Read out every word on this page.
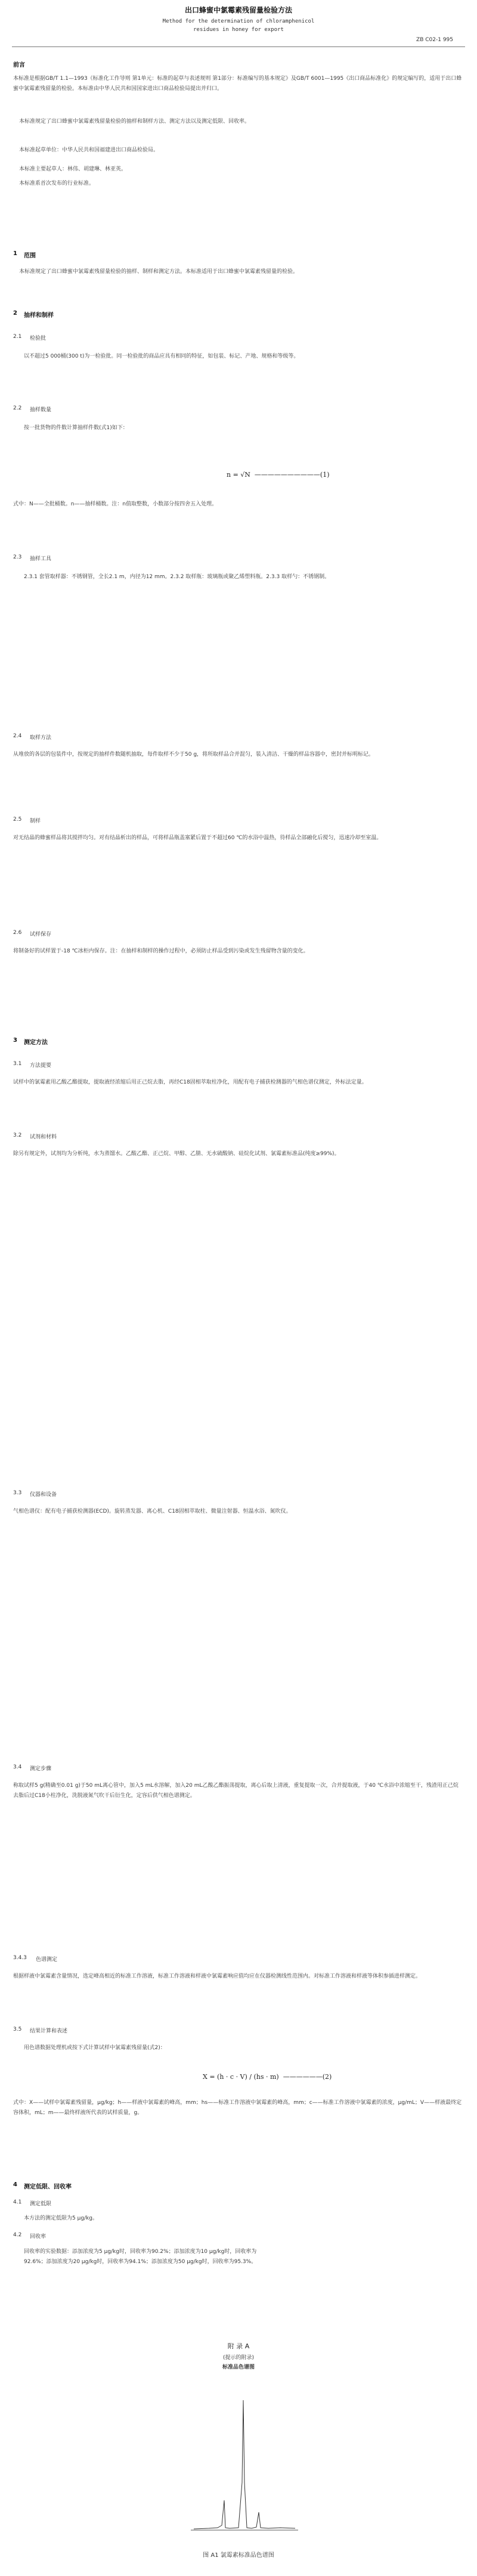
出口蜂蜜中氯霉素残留量检验方法
Method for the determination of chloramphenicol
residues in honey for export
ZB C02-1 995
前言
本标准是根据GB/T 1.1—1993《标准化工作导则 第1单元：标准的起草与表述规则 第1部分：标准编写的基本规定》及GB/T 6001—1995《出口商品标准化》的规定编写的，适用于出口蜂蜜中氯霉素残留量的检验。本标准由中华人民共和国国家进出口商品检验局提出并归口。
本标准规定了出口蜂蜜中氯霉素残留量检验的抽样和制样方法、测定方法以及测定低限、回收率。
本标准起草单位：中华人民共和国福建进出口商品检验局。
本标准主要起草人：林伟、胡建琳、林亚英。
本标准系首次发布的行业标准。
1 范围
本标准规定了出口蜂蜜中氯霉素残留量检验的抽样、制样和测定方法。本标准适用于出口蜂蜜中氯霉素残留量的检验。
2 抽样和制样
2.1 检验批
以不超过5 000桶(300 t)为一检验批。同一检验批的商品应具有相同的特征，如包装、标记、产地、规格和等级等。
2.2 抽样数量
按一批货物的件数计算抽样件数(式1)如下：
n = √N  ——————————(1)
式中：N——全批桶数。n——抽样桶数。注：n值取整数，小数部分按四舍五入处理。
2.3 抽样工具
2.3.1 套管取样器：不锈钢管，全长2.1 m，内径为12 mm。2.3.2 取样瓶：玻璃瓶或聚乙烯塑料瓶。2.3.3 取样勺：不锈钢制。
2.4 取样方法
从堆放的各层的包装件中，按规定的抽样件数随机抽取，每件取样不少于50 g，将所取样品合并混匀，装入清洁、干燥的样品容器中，密封并标明标记。
2.5 制样
对无结晶的蜂蜜样品将其搅拌均匀。对有结晶析出的样品，可将样品瓶盖塞紧后置于不超过60 ℃的水浴中温热，待样品全部融化后搅匀，迅速冷却至室温。
2.6 试样保存
将制备好的试样置于-18 ℃冰柜内保存。注：在抽样和制样的操作过程中，必须防止样品受到污染或发生残留物含量的变化。
3 测定方法
3.1 方法提要
试样中的氯霉素用乙酸乙酯提取，提取液经浓缩后用正己烷去脂，再经C18固相萃取柱净化，用配有电子捕获检测器的气相色谱仪测定，外标法定量。
3.2 试剂和材料
除另有规定外，试剂均为分析纯，水为蒸馏水。乙酸乙酯、正己烷、甲醇、乙腈、无水硫酸钠、硅烷化试剂、氯霉素标准品(纯度≥99%)。
3.3 仪器和设备
气相色谱仪：配有电子捕获检测器(ECD)。旋转蒸发器、离心机、C18固相萃取柱、微量注射器、恒温水浴、氮吹仪。
3.4 测定步骤
称取试样5 g(精确至0.01 g)于50 mL离心管中，加入5 mL水溶解，加入20 mL乙酸乙酯振荡提取，离心后取上清液，重复提取一次，合并提取液，于40 ℃水浴中浓缩至干，残渣用正己烷去脂后过C18小柱净化，洗脱液氮气吹干后衍生化，定容后供气相色谱测定。
3.4.3 色谱测定
根据样液中氯霉素含量情况，选定峰高相近的标准工作溶液，标准工作溶液和样液中氯霉素响应值均应在仪器检测线性范围内。对标准工作溶液和样液等体积参插进样测定。
3.5 结果计算和表述
用色谱数据处理机或按下式计算试样中氯霉素残留量(式2)：
X = (h · c · V) / (hs · m)  ——————(2)
式中：X——试样中氯霉素残留量，μg/kg；h——样液中氯霉素的峰高，mm；hs——标准工作溶液中氯霉素的峰高，mm；c——标准工作溶液中氯霉素的浓度，μg/mL；V——样液最终定容体积，mL；m——最终样液所代表的试样质量，g。
4 测定低限、回收率
4.1 测定低限
本方法的测定低限为5 μg/kg。
4.2 回收率
回收率的实验数据：添加浓度为5 μg/kg时，回收率为90.2%；添加浓度为10 μg/kg时，回收率为92.6%；添加浓度为20 μg/kg时，回收率为94.1%；添加浓度为50 μg/kg时，回收率为95.3%。
附 录 A
(提示的附录)
标准品色谱图
图 A1 氯霉素标准品色谱图
